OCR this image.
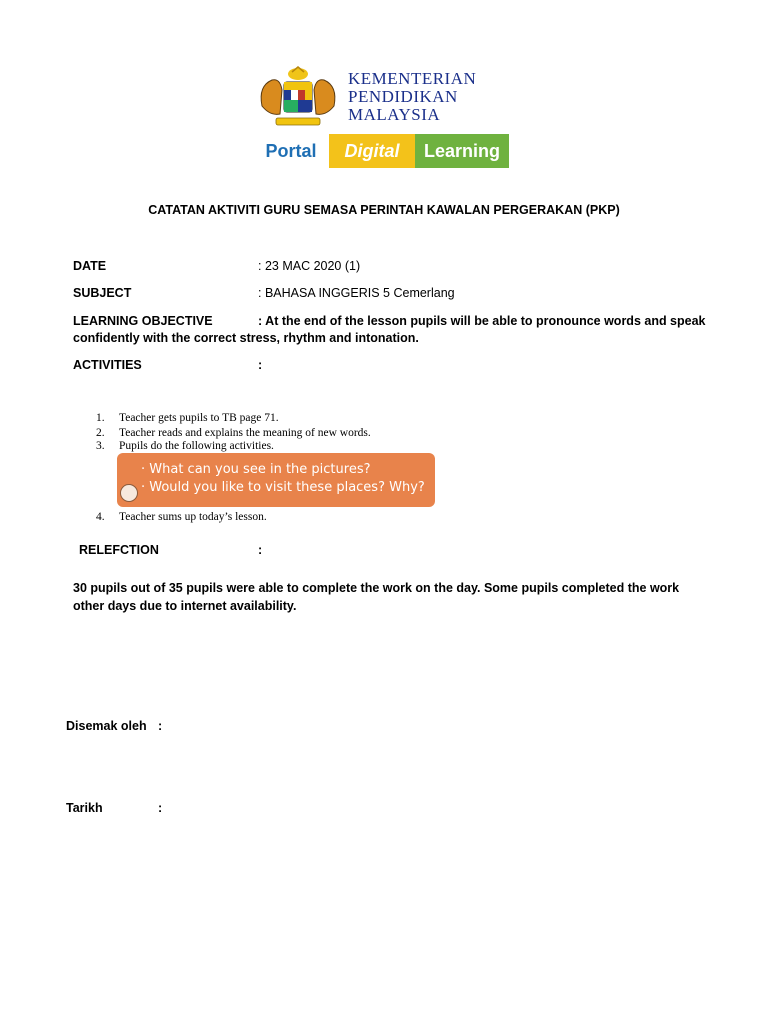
KEMENTERIAN
PENDIDIKAN
MALAYSIA
Portal	Digital	Learning
CATATAN AKTIVITI GURU SEMASA PERINTAH KAWALAN PERGERAKAN (PKP)
DATE	: 23 MAC 2020 (1)
SUBJECT	: BAHASA INGGERIS 5 Cemerlang
LEARNING OBJECTIVE	: At the end of the lesson pupils will be able to pronounce words and speak
confidently with the correct stress, rhythm and intonation.
ACTIVITIES	:
1. Teacher gets pupils to TB page 71.
2. Teacher reads and explains the meaning of new words.
3. Pupils do the following activities.
· What can you see in the pictures?
· Would you like to visit these places? Why?
4. Teacher sums up today’s lesson.
RELEFCTION	:
30 pupils out of 35 pupils were able to complete the work on the day. Some pupils completed the work
other days due to internet availability.
Disemak oleh :
Tarikh	:
